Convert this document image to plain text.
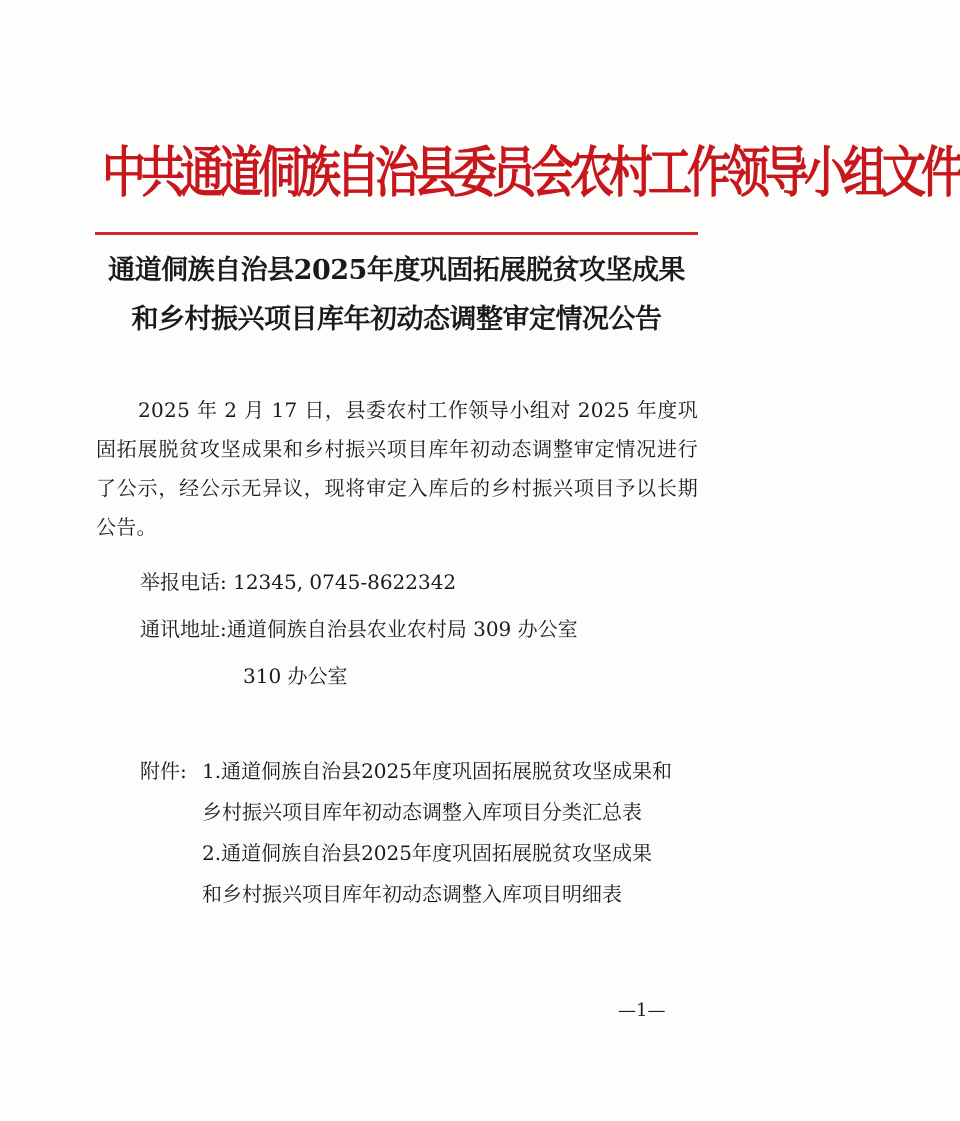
中共通道侗族自治县委员会农村工作领导小组文件
通道侗族自治县2025年度巩固拓展脱贫攻坚成果
和乡村振兴项目库年初动态调整审定情况公告
2025 年 2 月 17 日，县委农村工作领导小组对 2025 年度巩固拓展脱贫攻坚成果和乡村振兴项目库年初动态调整审定情况进行了公示，经公示无异议，现将审定入库后的乡村振兴项目予以长期公告。
举报电话: 12345, 0745-8622342
通讯地址:通道侗族自治县农业农村局 309 办公室
310 办公室
附件: 1.通道侗族自治县2025年度巩固拓展脱贫攻坚成果和
乡村振兴项目库年初动态调整入库项目分类汇总表
2.通道侗族自治县2025年度巩固拓展脱贫攻坚成果
和乡村振兴项目库年初动态调整入库项目明细表
—1—
